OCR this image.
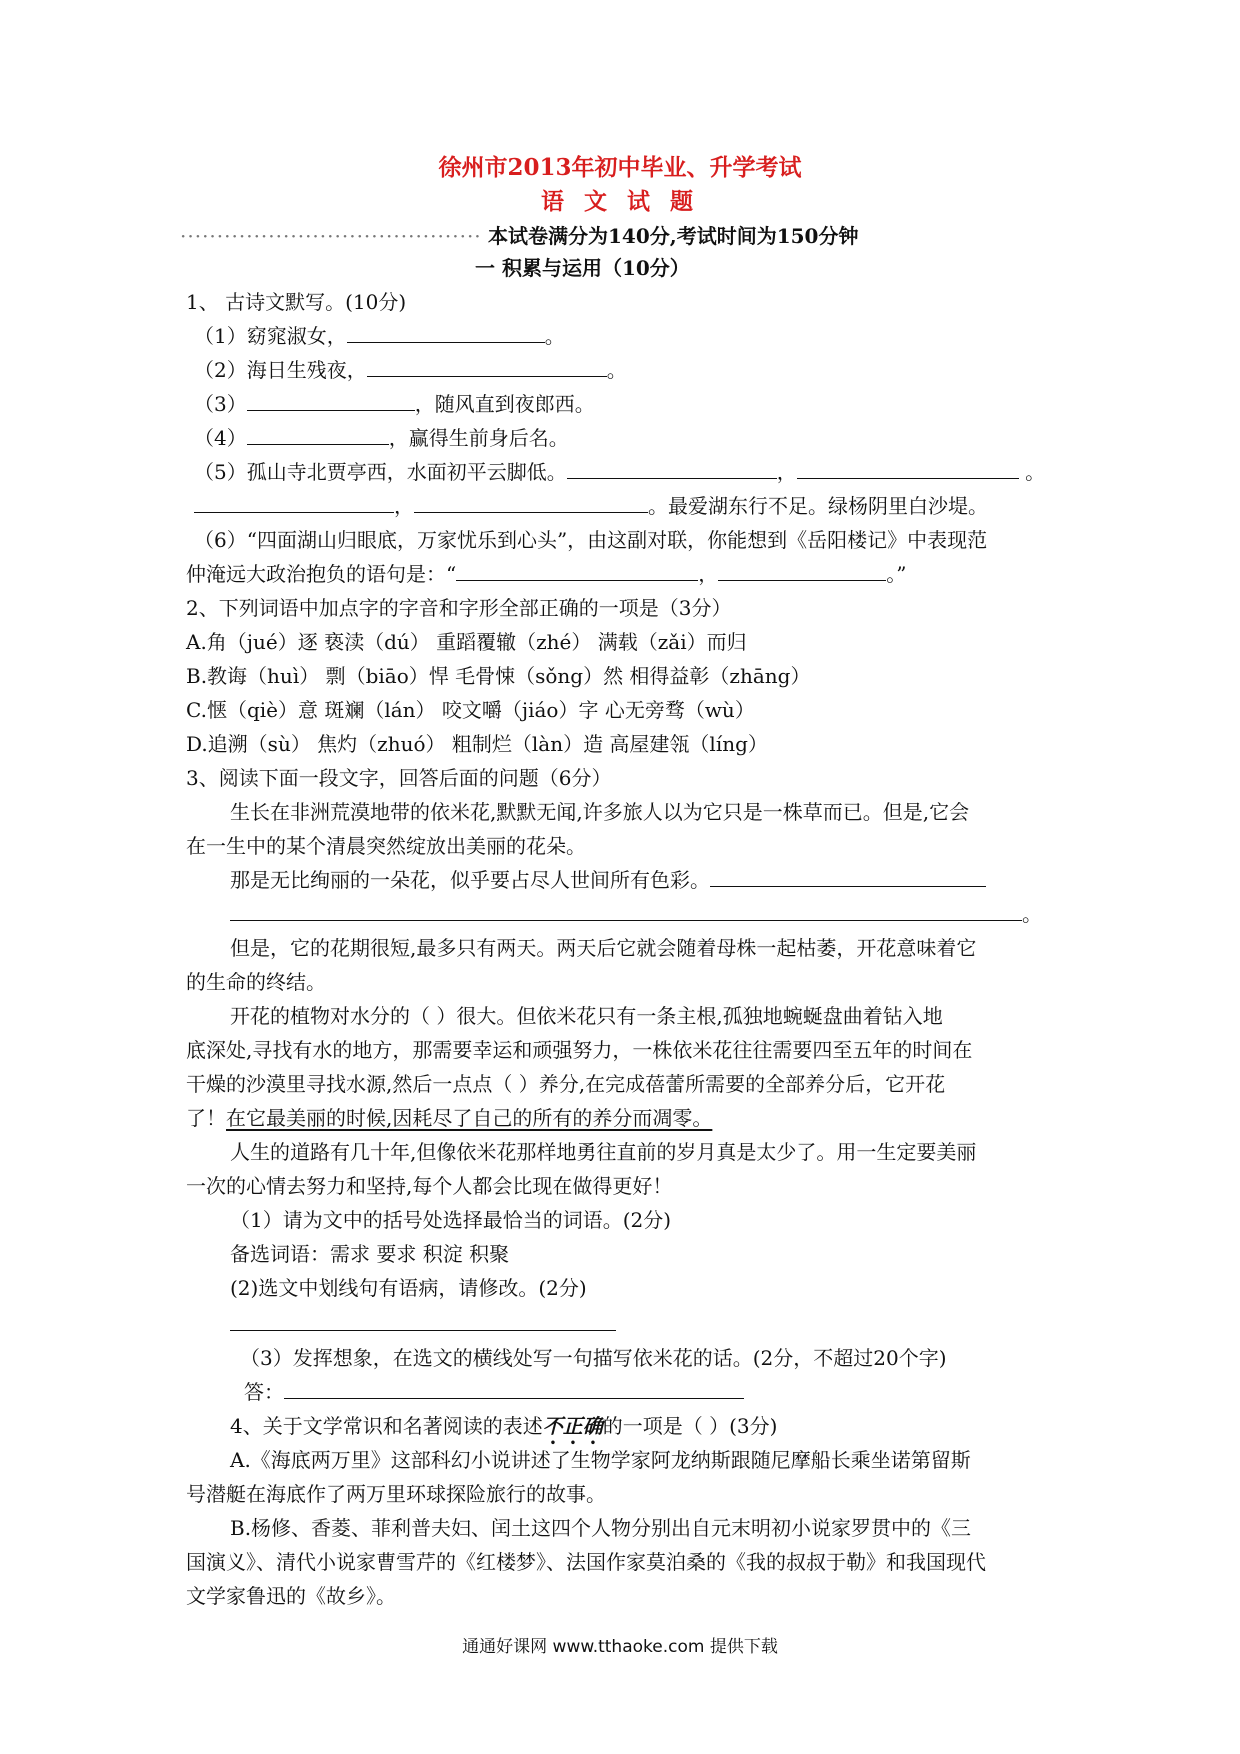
徐州市2013年初中毕业、升学考试
语 文 试 题
········································· 本试卷满分为140分,考试时间为150分钟
一 积累与运用（10分）
1、 古诗文默写。(10分)
（1）窈窕淑女，	。
（2）海日生残夜，	。
（3）	，随风直到夜郎西。
（4）	，赢得生前身后名。
（5）孤山寺北贾亭西，水面初平云脚低。	，	。
，	。最爱湖东行不足。绿杨阴里白沙堤。
（6）“四面湖山归眼底，万家忧乐到心头”，由这副对联，你能想到《岳阳楼记》中表现范
仲淹远大政治抱负的语句是：“	，	。”
2、下列词语中加点字的字音和字形全部正确的一项是（3分）
A.角（jué）逐 亵渎（dú） 重蹈覆辙（zhé） 满载（zǎi）而归
B.教诲（huì） 剽（biāo）悍 毛骨悚（sǒng）然 相得益彰（zhāng）
C.惬（qiè）意 斑斓（lán） 咬文嚼（jiáo）字 心无旁骛（wù）
D.追溯（sù） 焦灼（zhuó） 粗制烂（làn）造 高屋建瓴（líng）
3、阅读下面一段文字，回答后面的问题（6分）
生长在非洲荒漠地带的依米花,默默无闻,许多旅人以为它只是一株草而已。但是,它会
在一生中的某个清晨突然绽放出美丽的花朵。
那是无比绚丽的一朵花，似乎要占尽人世间所有色彩。
。
但是，它的花期很短,最多只有两天。两天后它就会随着母株一起枯萎，开花意味着它
的生命的终结。
开花的植物对水分的（ ）很大。但依米花只有一条主根,孤独地蜿蜒盘曲着钻入地
底深处,寻找有水的地方，那需要幸运和顽强努力，一株依米花往往需要四至五年的时间在
干燥的沙漠里寻找水源,然后一点点（ ）养分,在完成蓓蕾所需要的全部养分后，它开花
了！在它最美丽的时候,因耗尽了自己的所有的养分而凋零。
人生的道路有几十年,但像依米花那样地勇往直前的岁月真是太少了。用一生定要美丽
一次的心情去努力和坚持,每个人都会比现在做得更好！
（1）请为文中的括号处选择最恰当的词语。(2分)
备选词语：需求 要求 积淀 积聚
(2)选文中划线句有语病，请修改。(2分)
（3）发挥想象，在选文的横线处写一句描写依米花的话。(2分，不超过20个字)
答：
4、关于文学常识和名著阅读的表述不正确的一项是（ ）(3分)
A.《海底两万里》这部科幻小说讲述了生物学家阿龙纳斯跟随尼摩船长乘坐诺第留斯
号潜艇在海底作了两万里环球探险旅行的故事。
B.杨修、香菱、菲利普夫妇、闰土这四个人物分别出自元末明初小说家罗贯中的《三
国演义》、清代小说家曹雪芹的《红楼梦》、法国作家莫泊桑的《我的叔叔于勒》和我国现代
文学家鲁迅的《故乡》。
通通好课网 www.tthaoke.com 提供下载
